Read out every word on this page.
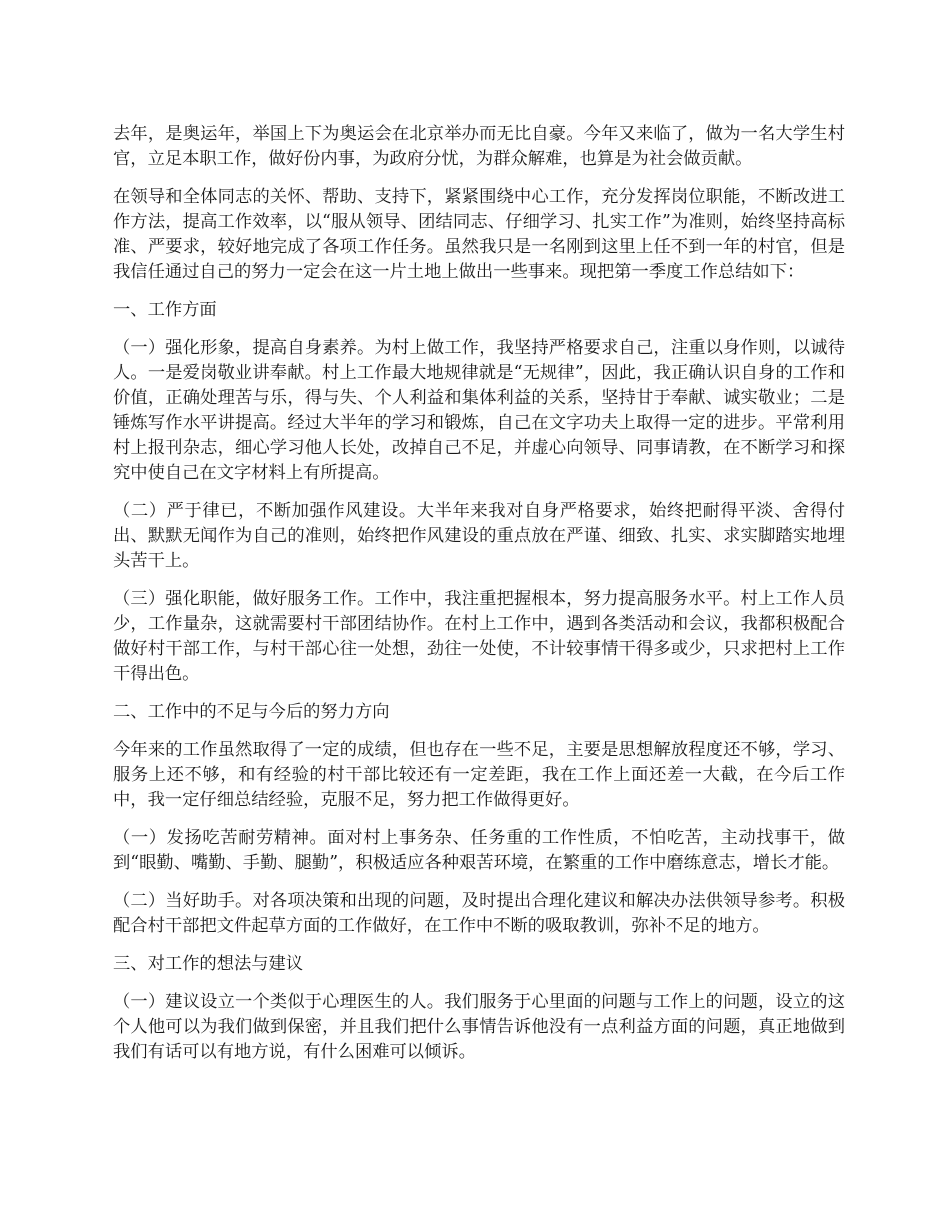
去年，是奥运年，举国上下为奥运会在北京举办而无比自豪。今年又来临了，做为一名大学生村官，立足本职工作，做好份内事，为政府分忧，为群众解难，也算是为社会做贡献。

在领导和全体同志的关怀、帮助、支持下，紧紧围绕中心工作，充分发挥岗位职能，不断改进工作方法，提高工作效率，以“服从领导、团结同志、仔细学习、扎实工作”为准则，始终坚持高标准、严要求，较好地完成了各项工作任务。虽然我只是一名刚到这里上任不到一年的村官，但是我信任通过自己的努力一定会在这一片土地上做出一些事来。现把第一季度工作总结如下：

一、工作方面

（一）强化形象，提高自身素养。为村上做工作，我坚持严格要求自己，注重以身作则，以诚待人。一是爱岗敬业讲奉献。村上工作最大地规律就是“无规律”，因此，我正确认识自身的工作和价值，正确处理苦与乐，得与失、个人利益和集体利益的关系，坚持甘于奉献、诚实敬业；二是锤炼写作水平讲提高。经过大半年的学习和锻炼，自己在文字功夫上取得一定的进步。平常利用村上报刊杂志，细心学习他人长处，改掉自己不足，并虚心向领导、同事请教，在不断学习和探究中使自己在文字材料上有所提高。

（二）严于律已，不断加强作风建设。大半年来我对自身严格要求，始终把耐得平淡、舍得付出、默默无闻作为自己的准则，始终把作风建设的重点放在严谨、细致、扎实、求实脚踏实地埋头苦干上。

（三）强化职能，做好服务工作。工作中，我注重把握根本，努力提高服务水平。村上工作人员少，工作量杂，这就需要村干部团结协作。在村上工作中，遇到各类活动和会议，我都积极配合做好村干部工作，与村干部心往一处想，劲往一处使，不计较事情干得多或少，只求把村上工作干得出色。

二、工作中的不足与今后的努力方向

今年来的工作虽然取得了一定的成绩，但也存在一些不足，主要是思想解放程度还不够，学习、服务上还不够，和有经验的村干部比较还有一定差距，我在工作上面还差一大截，在今后工作中，我一定仔细总结经验，克服不足，努力把工作做得更好。

（一）发扬吃苦耐劳精神。面对村上事务杂、任务重的工作性质，不怕吃苦，主动找事干，做到“眼勤、嘴勤、手勤、腿勤”，积极适应各种艰苦环境，在繁重的工作中磨练意志，增长才能。

（二）当好助手。对各项决策和出现的问题，及时提出合理化建议和解决办法供领导参考。积极配合村干部把文件起草方面的工作做好，在工作中不断的吸取教训，弥补不足的地方。

三、对工作的想法与建议

（一）建议设立一个类似于心理医生的人。我们服务于心里面的问题与工作上的问题，设立的这个人他可以为我们做到保密，并且我们把什么事情告诉他没有一点利益方面的问题，真正地做到我们有话可以有地方说，有什么困难可以倾诉。
